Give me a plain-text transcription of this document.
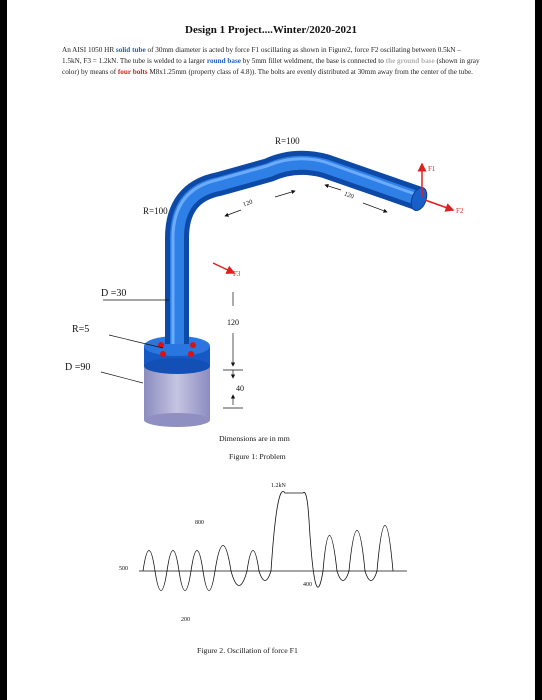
Design 1 Project....Winter/2020-2021
An AISI 1050 HR solid tube of 30mm diameter is acted by force F1 oscillating as shown in Figure2, force F2 oscillating between 0.5kN – 1.5kN, F3 = 1.2kN. The tube is welded to a larger round base by 5mm fillet weldment, the base is connected to the ground base (shown in gray color) by means of four bolts M8x1.25mm (property class of 4.8)). The bolts are evenly distributed at 30mm away from the center of the tube.
R=100
R=100
D =30
R=5
D =90
120
120
120
40
F1
F2
F3
Dimensions are in mm
Figure 1: Problem
1.2kN
800
500
400
200
Figure 2. Oscillation of force F1
